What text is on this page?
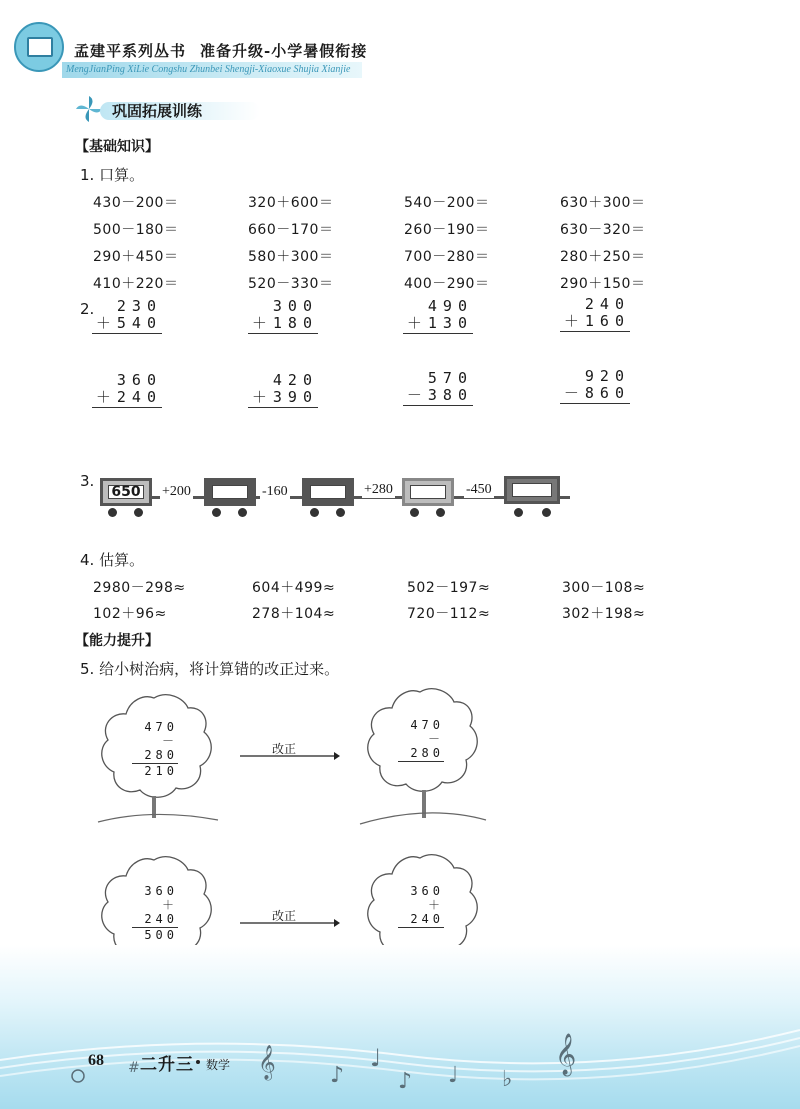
孟建平系列丛书 准备升级-小学暑假衔接
MengJianPing XiLie Congshu Zhunbei Shengji-Xiaoxue Shujia Xianjie
巩固拓展训练
【基础知识】
1. 口算。
430－200＝	320＋600＝	540－200＝	630＋300＝
500－180＝	660－170＝	260－190＝	630－320＝
290＋450＝	580＋300＝	700－280＝	280＋250＝
410＋220＝	520－330＝	400－290＝	290＋150＝
2.	230
＋540
300
＋180
490
＋130
240
＋160
360
＋240
420
＋390
570
－380
920
－860
3.
650 +200	-160	+280	-450
4. 估算。
2980－298≈	604＋499≈	502－197≈	300－108≈
102＋96≈	278＋104≈	720－112≈	302＋198≈
【能力提升】
5. 给小树治病，将计算错的改正过来。
470
－280
210
改正
470
－280
360
＋240
500
改正
360
＋240
𝄞	𝄞
♪
♩
♪ ♩ ♭
#
68 二升三 数学
